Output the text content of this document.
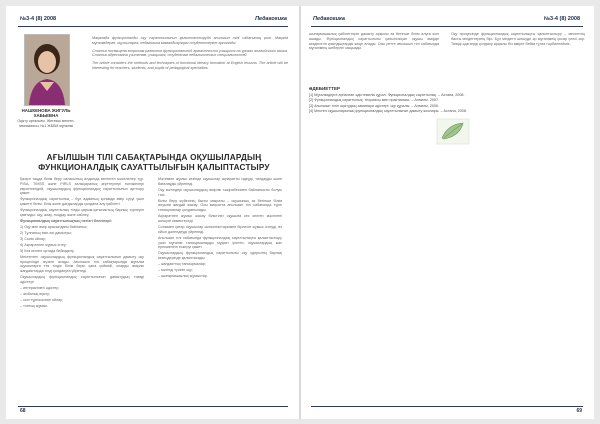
№3-4 (8) 2008	Педагогика
НАШКЕНОВА ЖИГУЛЬ ХАБЬЕВНА
Оқыту орталығы, Жетекші мектеп-гимназиясы, №1 ЖББМ мұғалімі

Мақалада функционалды оқу сауаттылығын қалыптастыруда ағылшын тілі сабағының ролі. Мақала мұғалімдерге, оқушыларға, педагогика мамандықтары студенттеріне арналады.

Статья посвящена вопросам развития функциональной грамотности учащихся на уроках английского языка. Статья адресована учителям, учащимся, студентам педагогических специальностей.

The article considers the methods and techniques of functional literacy formation at English lessons. The article will be interesting for teachers, students, and pupils of pedagogical specialties.

АҒЫЛШЫН ТІЛІ САБАҚТАРЫНДА ОҚУШЫЛАРДЫҢ ФУНКЦИОНАЛДЫҚ САУАТТЫЛЫҒЫН ҚАЛЫПТАСТЫРУ

Қазіргі таңда білім беру саласының алдында көптеген мәселелер тұр. PISA, TIMSS және PIRLS халықаралық зерттеулері нәтижелері көрсеткендей, оқушылардың функционалдық сауаттылығын арттыру қажет.

Функционалдық сауаттылық – бұл адамның қоғамда өмір сүруі үшін қажетті білім, білік және дағдыларды қолдана алу қабілеті.

Функционалдық сауаттылық тілдік қарым-қатынастың барлық түрлерін қамтиды: оқу, жазу, тыңдау және сөйлеу.

Функционалдық сауаттылықтың негізгі белгілері:

1) Оқу мен өмір арасындағы байланыс;

2) Тұлғаның өзін-өзі дамытуы;

3) Сыни ойлау;

4) Ақпаратпен жұмыс істеу;

5) Кез келген ортада бейімделу.

Мектептегі оқушылардың функционалдық сауаттылығын дамыту оқу процесінде жүзеге асады. Ағылшын тілі сабақтарында мұғалім оқушыларға тек тілдік білім беріп қана қоймай, оларды өмірлік жағдаяттарда тілді қолдануға үйретеді.

Оқушылардың функционалдық сауаттылығын дамытудың тиімді әдістері:

– интерактивті әдістер;

– жобалық оқыту;

– сын тұрғысынан ойлау;

– топтық жұмыс.

Мәтінмен жұмыс кезінде оқушылар ақпаратты іздеуді, талдауды және бағалауды үйренеді.

Оқу мәтіндері оқушылардың өмірлік тәжірибесімен байланысты болуы тиіс.

Білім беру жүйесінің басты мақсаты – оқушының өз бетінше білім алуына жағдай жасау. Осы мақсатта ағылшын тілі сабағында түрлі тапсырмалар қолданылады.

Ақпаратпен жұмыс жасау біліктілігі оқушыға кез келген мәселені шешуге көмектеседі.

Сонымен қатар оқушылар сыныптастарымен бірлесіп жұмыс істеуді, өз ойын дәлелдеуді үйренеді.

Ағылшын тілі сабағында функционалдық сауаттылықты қалыптастыру үшін мұғалім тапсырмаларды мұқият іріктеп, оқушылардың жас ерекшелігін ескеруі қажет.

Оқушылардың функционалдық сауаттылығы оқу үдерісінің барлық кезеңдерінде қалыптасады.

– жағдаяттық тапсырмалар;

– мәтінді түсініп оқу;

– шығармашылық жұмыстар.

68
Педагогика	№3-4 (8) 2008

шығармашылық қабілеттерін дамыту арқылы өз бетінше білім алуға жол ашады. Функционалдық сауаттылығы қалыптасқан оқушы өмірде кездесетін қиындықтарды жеңе алады. Осы ретте ағылшын тілі сабағында мұғалімнің шеберлігі маңызды.

Оқу процесінде функционалдық сауаттылықты қалыптастыру – мектептің басты міндеттерінің бірі. Бұл міндетті шешуде әр мұғалімнің қосар үлесі зор. Тиімді әдістерді қолдану арқылы біз өмірге бейім тұлға тәрбиелейміз.

ӘДЕБИЕТТЕР
[1] Мұғалімдерге арналған әдістемелік құрал. Функционалдық сауаттылық. – Астана, 2008.
[2] Функционалдық сауаттылық: теориясы мен практикасы. – Алматы, 2007.
[3] Ағылшын тілін оқытудың заманауи әдістері: оқу құралы. – Алматы, 2006.
[4] Мектеп оқушыларының функционалдық сауаттылығын дамыту жоспары. – Астана, 2008.
69
